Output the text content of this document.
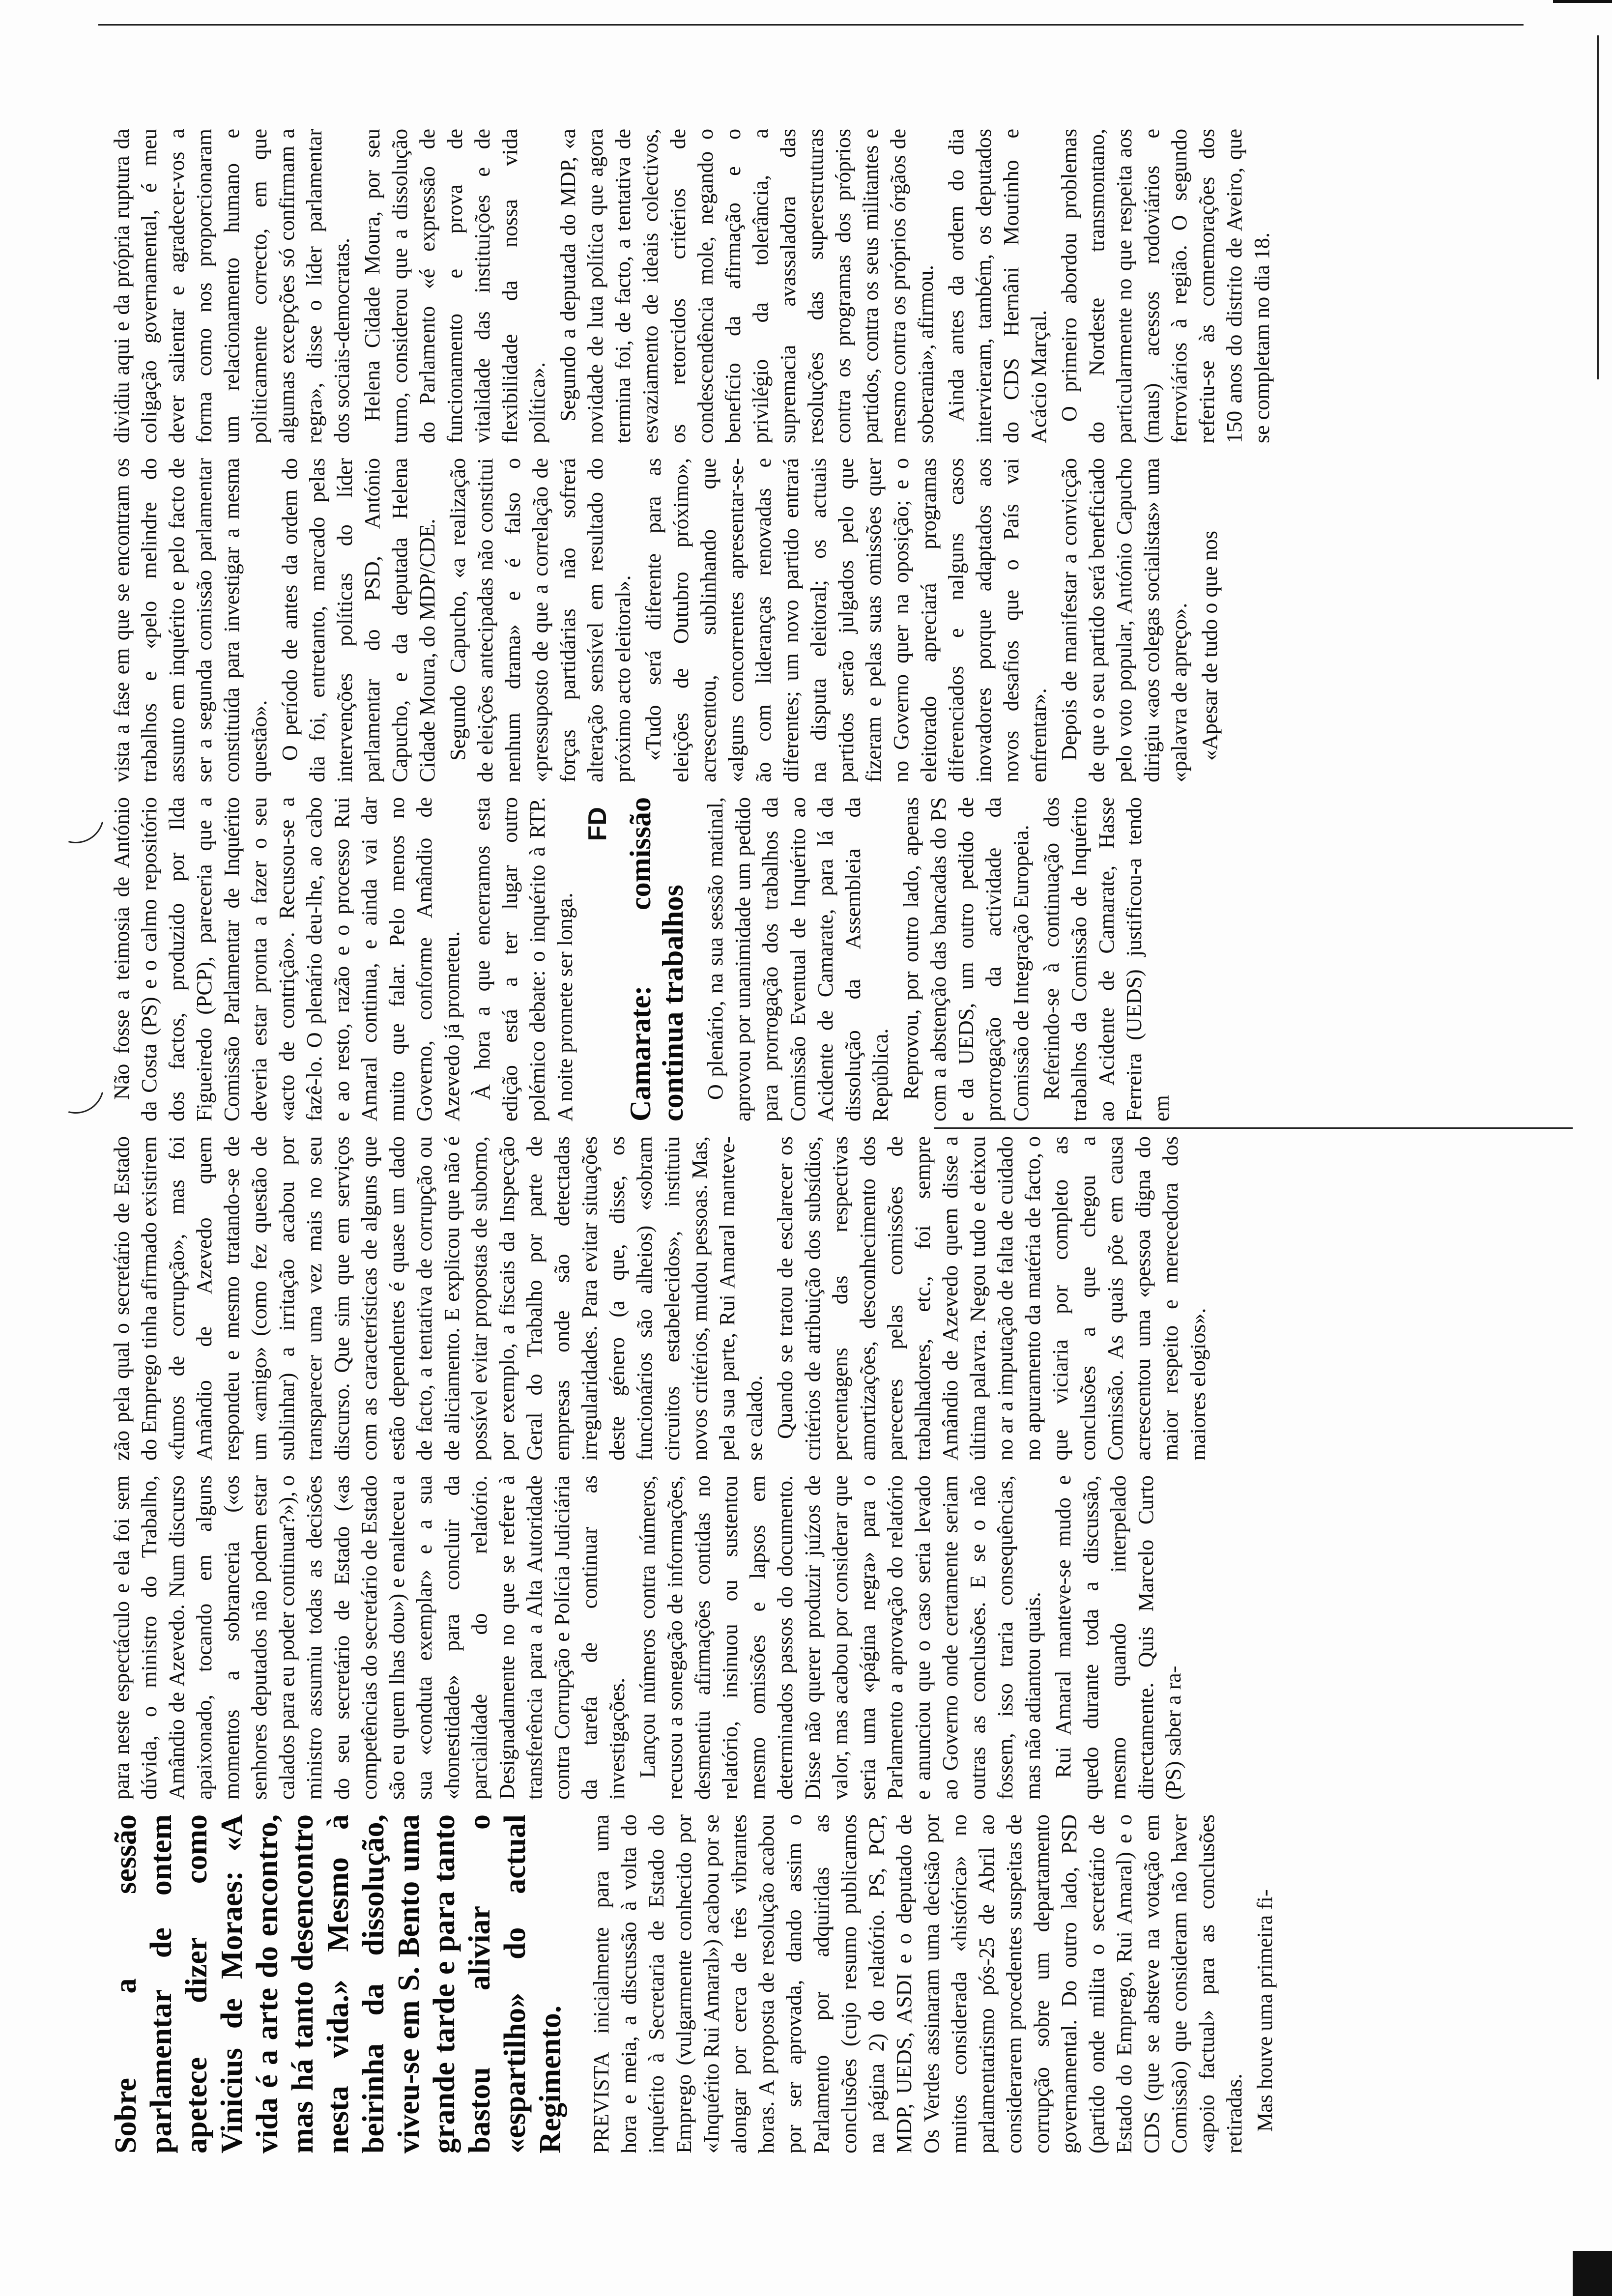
Sobre a sessão parlamentar de ontem apetece dizer como Vinicius de Moraes: «A vida é a arte do encontro, mas há tanto desencontro nesta vida.» Mesmo à beirinha da dissolução, viveu-se em S. Bento uma grande tarde e para tanto bastou aliviar o «espartilho» do actual Regimento. PREVISTA inicialmente para uma hora e meia, a discussão à volta do inquérito à Secretaria de Estado do Emprego (vulgarmente conhecido por «Inquérito Rui Amaral») acabou por se alongar por cerca de três vibrantes horas. A proposta de resolução acabou por ser aprovada, dando assim o Parlamento por adquiridas as conclusões (cujo resumo publicamos na página 2) do relatório. PS, PCP, MDP, UEDS, ASDI e o deputado de Os Verdes assinaram uma decisão por muitos considerada «histórica» no parlamentarismo pós-25 de Abril ao considerarem procedentes suspeitas de corrupção sobre um departamento governamental. Do outro lado, PSD (partido onde milita o secretário de Estado do Emprego, Rui Amaral) e o CDS (que se absteve na votação em Comissão) que consideram não haver «apoio factual» para as conclusões retiradas. Mas houve uma primeira fi-

para neste espectáculo e ela foi sem dúvida, o ministro do Trabalho, Amândio de Azevedo. Num discurso apaixonado, tocando em alguns momentos a sobranceria («os senhores deputados não podem estar calados para eu poder continuar?»), o ministro assumiu todas as decisões do seu secretário de Estado («as competências do secretário de Estado são eu quem lhas dou») e enalteceu a sua «conduta exemplar» e a sua «honestidade» para concluir da parcialidade do relatório. Designadamente no que se refere à transferência para a Alta Autoridade contra Corrupção e Polícia Judiciária da tarefa de continuar as investigações. Lançou números contra números, recusou a sonegação de informações, desmentiu afirmações contidas no relatório, insinuou ou sustentou mesmo omissões e lapsos em determinados passos do documento. Disse não querer produzir juízos de valor, mas acabou por considerar que seria uma «página negra» para o Parlamento a aprovação do relatório e anunciou que o caso seria levado ao Governo onde certamente seriam outras as conclusões. E se o não fossem, isso traria consequências, mas não adiantou quais. Rui Amaral manteve-se mudo e quedo durante toda a discussão, mesmo quando interpelado directamente. Quis Marcelo Curto (PS) saber a ra-

zão pela qual o secretário de Estado do Emprego tinha afirmado existirem «fumos de corrupção», mas foi Amândio de Azevedo quem respondeu e mesmo tratando-se de um «amigo» (como fez questão de sublinhar) a irritação acabou por transparecer uma vez mais no seu discurso. Que sim que em serviços com as características de alguns que estão dependentes é quase um dado de facto, a tentativa de corrupção ou de aliciamento. E explicou que não é possível evitar propostas de suborno, por exemplo, a fiscais da Inspecção Geral do Trabalho por parte de empresas onde são detectadas irregularidades. Para evitar situações deste género (a que, disse, os funcionários são alheios) «sobram circuitos estabelecidos», instituiu novos critérios, mudou pessoas. Mas, pela sua parte, Rui Amaral manteve-se calado. Quando se tratou de esclarecer os critérios de atribuição dos subsídios, percentagens das respectivas amortizações, desconhecimento dos pareceres pelas comissões de trabalhadores, etc., foi sempre Amândio de Azevedo quem disse a última palavra. Negou tudo e deixou no ar a imputação de falta de cuidado no apuramento da matéria de facto, o que viciaria por completo as conclusões a que chegou a Comissão. As quais põe em causa acrescentou uma «pessoa digna do maior respeito e merecedora dos maiores elogios».

Não fosse a teimosia de António da Costa (PS) e o calmo repositório dos factos, produzido por Ilda Figueiredo (PCP), pareceria que a Comissão Parlamentar de Inquérito deveria estar pronta a fazer o seu «acto de contrição». Recusou-se a fazê-lo. O plenário deu-lhe, ao cabo e ao resto, razão e o processo Rui Amaral continua, e ainda vai dar muito que falar. Pelo menos no Governo, conforme Amândio de Azevedo já prometeu. À hora a que encerramos esta edição está a ter lugar outro polémico debate: o inquérito à RTP. A noite promete ser longa.

FD Camarate: comissão continua trabalhos O plenário, na sua sessão matinal, aprovou por unanimidade um pedido para prorrogação dos trabalhos da Comissão Eventual de Inquérito ao Acidente de Camarate, para lá da dissolução da Assembleia da República. Reprovou, por outro lado, apenas com a abstenção das bancadas do PS e da UEDS, um outro pedido de prorrogação da actividade da Comissão de Integração Europeia. Referindo-se à continuação dos trabalhos da Comissão de Inquérito ao Acidente de Camarate, Hasse Ferreira (UEDS) justificou-a tendo em

vista a fase em que se encontram os trabalhos e «pelo melindre do assunto em inquérito e pelo facto de ser a segunda comissão parlamentar constituída para investigar a mesma questão». O período de antes da ordem do dia foi, entretanto, marcado pelas intervenções políticas do líder parlamentar do PSD, António Capucho, e da deputada Helena Cidade Moura, do MDP/CDE. Segundo Capucho, «a realização de eleições antecipadas não constitui nenhum drama» e é falso o «pressuposto de que a correlação de forças partidárias não sofrerá alteração sensível em resultado do próximo acto eleitoral». «Tudo será diferente para as eleições de Outubro próximo», acrescentou, sublinhando que «alguns concorrentes apresentar-se-ão com lideranças renovadas e diferentes; um novo partido entrará na disputa eleitoral; os actuais partidos serão julgados pelo que fizeram e pelas suas omissões quer no Governo quer na oposição; e o eleitorado apreciará programas diferenciados e nalguns casos inovadores porque adaptados aos novos desafios que o País vai enfrentar». Depois de manifestar a convicção de que o seu partido será beneficiado pelo voto popular, António Capucho dirigiu «aos colegas socialistas» uma «palavra de apreço». «Apesar de tudo o que nos

dividiu aqui e da própria ruptura da coligação governamental, é meu dever salientar e agradecer-vos a forma como nos proporcionaram um relacionamento humano e politicamente correcto, em que algumas excepções só confirmam a regra», disse o líder parlamentar dos sociais-democratas. Helena Cidade Moura, por seu turno, considerou que a dissolução do Parlamento «é expressão de funcionamento e prova de vitalidade das instituições e de flexibilidade da nossa vida política». Segundo a deputada do MDP, «a novidade de luta política que agora termina foi, de facto, a tentativa de esvaziamento de ideais colectivos, os retorcidos critérios de condescendência mole, negando o benefício da afirmação e o privilégio da tolerância, a supremacia avassaladora das resoluções das superestruturas contra os programas dos próprios partidos, contra os seus militantes e mesmo contra os próprios órgãos de soberania», afirmou. Ainda antes da ordem do dia intervieram, também, os deputados do CDS Hernâni Moutinho e Acácio Marçal. O primeiro abordou problemas do Nordeste transmontano, particularmente no que respeita aos (maus) acessos rodoviários e ferroviários à região. O segundo referiu-se às comemorações dos 150 anos do distrito de Aveiro, que se completam no dia 18.
